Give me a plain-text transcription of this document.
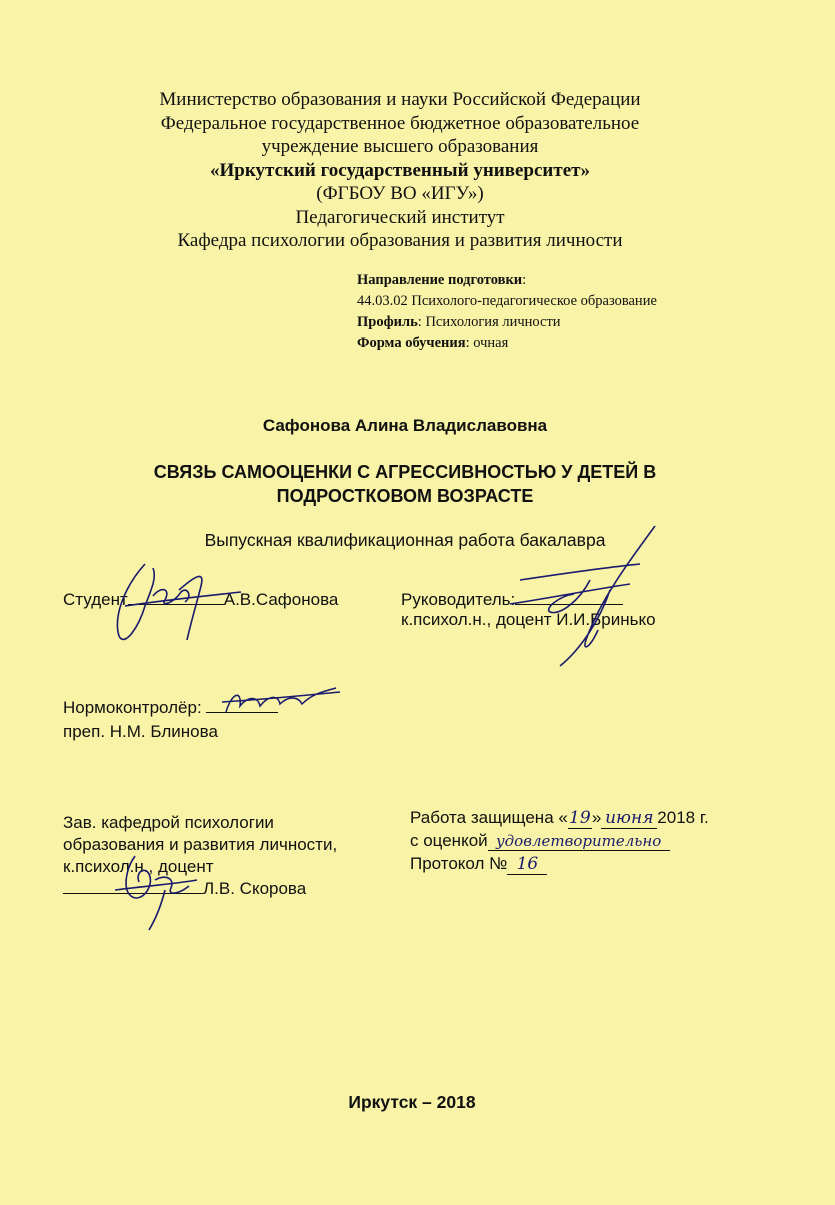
Министерство образования и науки Российской Федерации
Федеральное государственное бюджетное образовательное
учреждение высшего образования
«Иркутский государственный университет»
(ФГБОУ ВО «ИГУ»)
Педагогический институт
Кафедра психологии образования и развития личности
Направление подготовки:
44.03.02 Психолого-педагогическое образование
Профиль: Психология личности
Форма обучения: очная
Сафонова Алина Владиславовна
СВЯЗЬ САМООЦЕНКИ С АГРЕССИВНОСТЬЮ У ДЕТЕЙ В
ПОДРОСТКОВОМ ВОЗРАСТЕ
Выпускная квалификационная работа бакалавра
Студент	А.В.Сафонова	Руководитель:
к.психол.н., доцент И.И.Бринько
Нормоконтролёр:
преп. Н.М. Блинова
Зав. кафедрой психологии
образования и развития личности,
к.психол.н., доцент
Л.В. Скорова
Работа защищена «19» июня 2018 г.
с оценкой удовлетворительно
Протокол № 16
Иркутск – 2018
